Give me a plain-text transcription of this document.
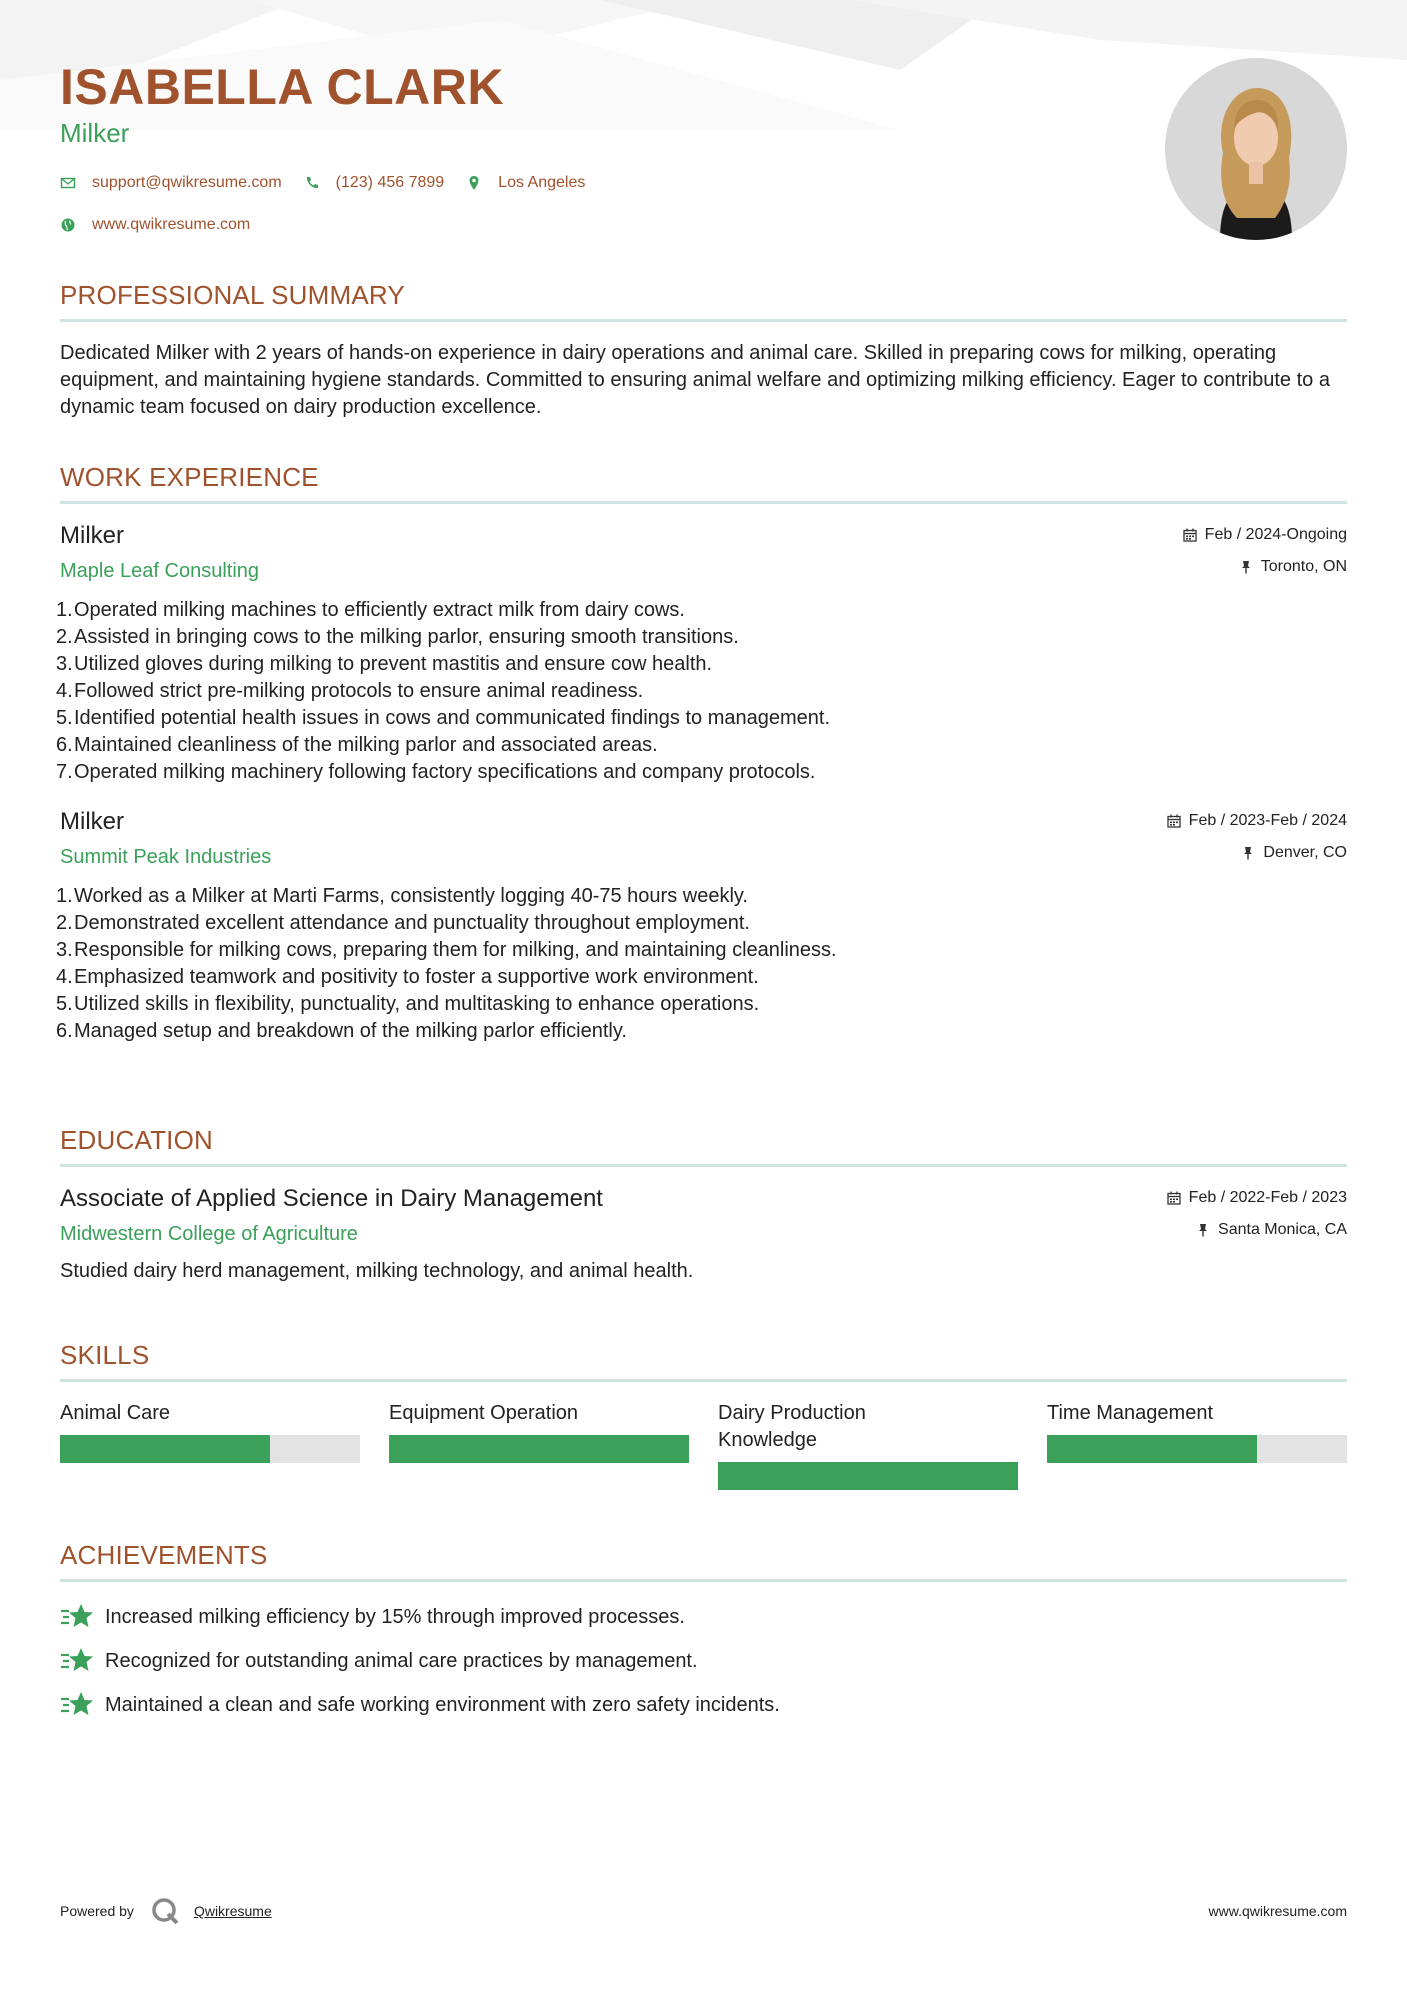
ISABELLA CLARK
Milker
support@qwikresume.com	(123) 456 7899	Los Angeles
www.qwikresume.com
PROFESSIONAL SUMMARY

Dedicated Milker with 2 years of hands-on experience in dairy operations and animal care. Skilled in preparing cows for milking, operating equipment, and maintaining hygiene standards. Committed to ensuring animal welfare and optimizing milking efficiency. Eager to contribute to a dynamic team focused on dairy production excellence.

WORK EXPERIENCE
Milker
Maple Leaf Consulting
Feb / 2024-Ongoing
Toronto, ON
1. Operated milking machines to efficiently extract milk from dairy cows.
2. Assisted in bringing cows to the milking parlor, ensuring smooth transitions.
3. Utilized gloves during milking to prevent mastitis and ensure cow health.
4. Followed strict pre-milking protocols to ensure animal readiness.
5. Identified potential health issues in cows and communicated findings to management.
6. Maintained cleanliness of the milking parlor and associated areas.
7. Operated milking machinery following factory specifications and company protocols.
Milker
Summit Peak Industries
Feb / 2023-Feb / 2024
Denver, CO
1. Worked as a Milker at Marti Farms, consistently logging 40-75 hours weekly.
2. Demonstrated excellent attendance and punctuality throughout employment.
3. Responsible for milking cows, preparing them for milking, and maintaining cleanliness.
4. Emphasized teamwork and positivity to foster a supportive work environment.
5. Utilized skills in flexibility, punctuality, and multitasking to enhance operations.
6. Managed setup and breakdown of the milking parlor efficiently.
EDUCATION
Associate of Applied Science in Dairy Management
Midwestern College of Agriculture
Feb / 2022-Feb / 2023
Santa Monica, CA
Studied dairy herd management, milking technology, and animal health.
SKILLS
Animal Care	Equipment Operation	Dairy Production Knowledge
Time Management
ACHIEVEMENTS
Increased milking efficiency by 15% through improved processes.
Recognized for outstanding animal care practices by management.
Maintained a clean and safe working environment with zero safety incidents.
Powered by	Qwikresume	www.qwikresume.com
